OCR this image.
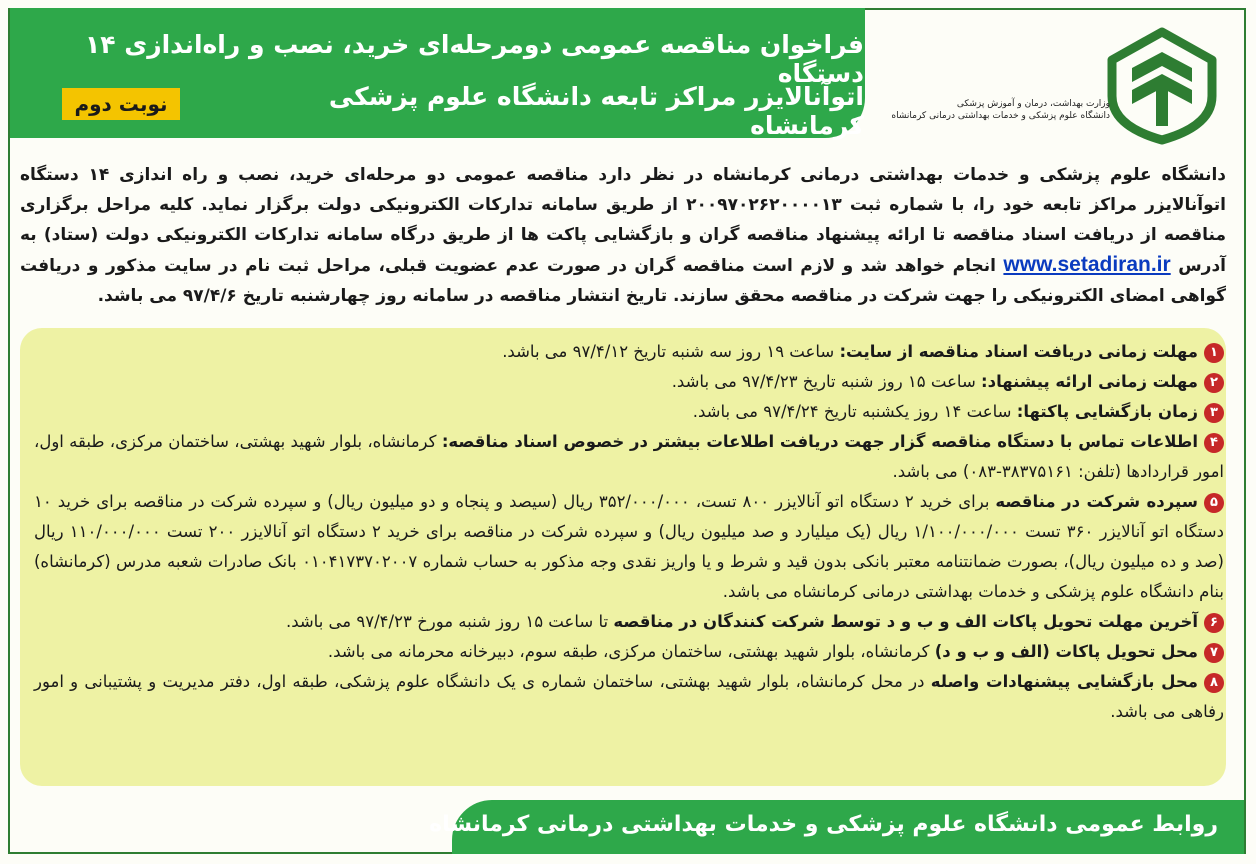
فراخوان مناقصه عمومی دومرحله‌ای خرید، نصب و راه‌اندازی ۱۴ دستگاه
اتوآنالایزر مراکز تابعه دانشگاه علوم پزشکی کرمانشاه
نوبت دوم	وزارت بهداشت، درمان و آموزش پزشکی
دانشگاه علوم پزشکی و خدمات بهداشتی درمانی کرمانشاه
دانشگاه علوم پزشکی و خدمات بهداشتی درمانی کرمانشاه در نظر دارد مناقصه عمومی دو مرحله‌ای خرید، نصب و راه اندازی ۱۴ دستگاه اتوآنالایزر مراکز تابعه خود را، با شماره ثبت ۲۰۰۹۷۰۲۶۲۰۰۰۰۱۳ از طریق سامانه تدارکات الکترونیکی دولت برگزار نماید. کلیه مراحل برگزاری مناقصه از دریافت اسناد مناقصه تا ارائه پیشنهاد مناقصه گران و بازگشایی پاکت ها از طریق درگاه سامانه تدارکات الکترونیکی دولت (ستاد) به آدرس www.setadiran.ir انجام خواهد شد و لازم است مناقصه گران در صورت عدم عضویت قبلی، مراحل ثبت نام در سایت مذکور و دریافت گواهی امضای الکترونیکی را جهت شرکت در مناقصه محقق سازند. تاریخ انتشار مناقصه در سامانه روز چهارشنبه تاریخ ۹۷/۴/۶ می باشد.

۱مهلت زمانی دریافت اسناد مناقصه از سایت: ساعت ۱۹ روز سه شنبه تاریخ ۹۷/۴/۱۲ می باشد.

۲مهلت زمانی ارائه پیشنهاد: ساعت ۱۵ روز شنبه تاریخ ۹۷/۴/۲۳ می باشد.

۳زمان بازگشایی پاکتها: ساعت ۱۴ روز یکشنبه تاریخ ۹۷/۴/۲۴ می باشد.

۴اطلاعات تماس با دستگاه مناقصه گزار جهت دریافت اطلاعات بیشتر در خصوص اسناد مناقصه: کرمانشاه، بلوار شهید بهشتی، ساختمان مرکزی، طبقه اول، امور قراردادها (تلفن: ۳۸۳۷۵۱۶۱-۰۸۳) می باشد.

۵سپرده شرکت در مناقصه برای خرید ۲ دستگاه اتو آنالایزر ۸۰۰ تست، ۳۵۲/۰۰۰/۰۰۰ ریال (سیصد و پنجاه و دو میلیون ریال) و سپرده شرکت در مناقصه برای خرید ۱۰ دستگاه اتو آنالایزر ۳۶۰ تست ۱/۱۰۰/۰۰۰/۰۰۰ ریال (یک میلیارد و صد میلیون ریال) و سپرده شرکت در مناقصه برای خرید ۲ دستگاه اتو آنالایزر ۲۰۰ تست ۱۱۰/۰۰۰/۰۰۰ ریال (صد و ده میلیون ریال)، بصورت ضمانتنامه معتبر بانکی بدون قید و شرط و یا واریز نقدی وجه مذکور به حساب شماره ۰۱۰۴۱۷۳۷۰۲۰۰۷ بانک صادرات شعبه مدرس (کرمانشاه) بنام دانشگاه علوم پزشکی و خدمات بهداشتی درمانی کرمانشاه می باشد.

۶آخرین مهلت تحویل پاکات الف و ب و د توسط شرکت کنندگان در مناقصه تا ساعت ۱۵ روز شنبه مورخ ۹۷/۴/۲۳ می باشد.

۷محل تحویل پاکات (الف و ب و د) کرمانشاه، بلوار شهید بهشتی، ساختمان مرکزی، طبقه سوم، دبیرخانه محرمانه می باشد.

۸محل بازگشایی پیشنهادات واصله در محل کرمانشاه، بلوار شهید بهشتی، ساختمان شماره ی یک دانشگاه علوم پزشکی، طبقه اول، دفتر مدیریت و پشتیبانی و امور رفاهی می باشد.

روابط عمومی دانشگاه علوم پزشکی و خدمات بهداشتی درمانی کرمانشاه
